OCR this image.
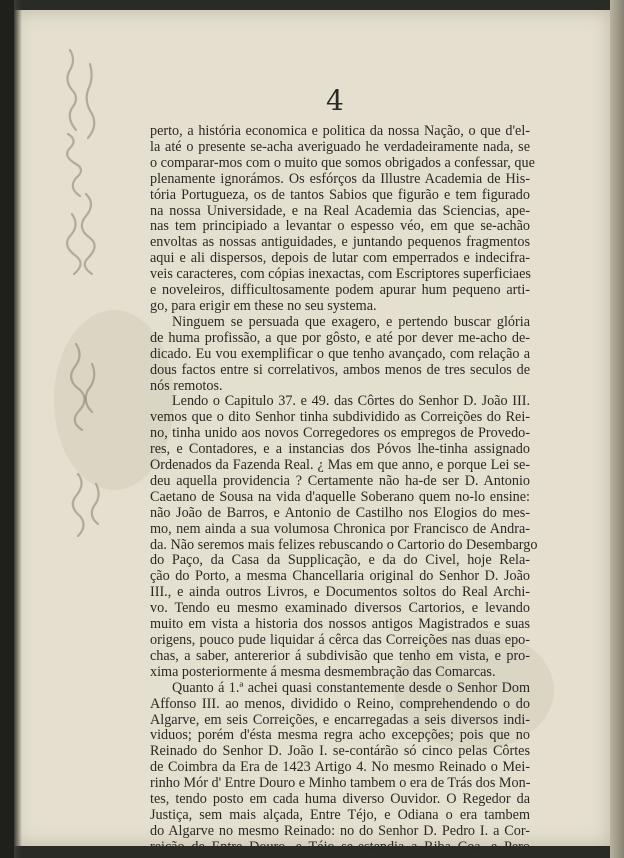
4
perto, a história economica e politica da nossa Nação, o que d'el-
la até o presente se-acha averiguado he verdadeiramente nada, se
o comparar-mos com o muito que somos obrigados a confessar, que
plenamente ignorámos. Os esfórços da Illustre Academia de His-
tória Portugueza, os de tantos Sabios que figurão e tem figurado
na nossa Universidade, e na Real Academia das Sciencias, ape-
nas tem principiado a levantar o espesso véo, em que se-achão
envoltas as nossas antiguidades, e juntando pequenos fragmentos
aqui e ali dispersos, depois de lutar com emperrados e indecifra-
veis caracteres, com cópias inexactas, com Escriptores superficiaes
e noveleiros, difficultosamente podem apurar hum pequeno arti-
go, para erigir em these no seu systema.
Ninguem se persuada que exagero, e pertendo buscar glória
de huma profissão, a que por gôsto, e até por dever me-acho de-
dicado. Eu vou exemplificar o que tenho avançado, com relação a
dous factos entre si correlativos, ambos menos de tres seculos de
nós remotos.
Lendo o Capitulo 37. e 49. das Côrtes do Senhor D. João III.
vemos que o dito Senhor tinha subdividido as Correições do Rei-
no, tinha unido aos novos Corregedores os empregos de Provedo-
res, e Contadores, e a instancias dos Póvos lhe-tinha assignado
Ordenados da Fazenda Real. ¿ Mas em que anno, e porque Lei se-
deu aquella providencia ? Certamente não ha-de ser D. Antonio
Caetano de Sousa na vida d'aquelle Soberano quem no-lo ensine:
não João de Barros, e Antonio de Castilho nos Elogios do mes-
mo, nem ainda a sua volumosa Chronica por Francisco de Andra-
da. Não seremos mais felizes rebuscando o Cartorio do Desembargo
do Paço, da Casa da Supplicação, e da do Civel, hoje Rela-
ção do Porto, a mesma Chancellaria original do Senhor D. João
III., e ainda outros Livros, e Documentos soltos do Real Archi-
vo. Tendo eu mesmo examinado diversos Cartorios, e levando
muito em vista a historia dos nossos antigos Magistrados e suas
origens, pouco pude liquidar á cêrca das Correições nas duas epo-
chas, a saber, antererior á subdivisão que tenho em vista, e pro-
xima posteriormente á mesma desmembração das Comarcas.
Quanto á 1.ª achei quasi constantemente desde o Senhor Dom
Affonso III. ao menos, dividido o Reino, comprehendendo o do
Algarve, em seis Correições, e encarregadas a seis diversos indi-
viduos; porém d'ésta mesma regra acho excepções; pois que no
Reinado do Senhor D. João I. se-contárão só cinco pelas Côrtes
de Coimbra da Era de 1423 Artigo 4. No mesmo Reinado o Mei-
rinho Mór d' Entre Douro e Minho tambem o era de Trás dos Mon-
tes, tendo posto em cada huma diverso Ouvidor. O Regedor da
Justiça, sem mais alçada, Entre Téjo, e Odiana o era tambem
do Algarve no mesmo Reinado: no do Senhor D. Pedro I. a Cor-
reição de Entre Douro, e Téjo se-estendia a Riba Coa, e Pero
